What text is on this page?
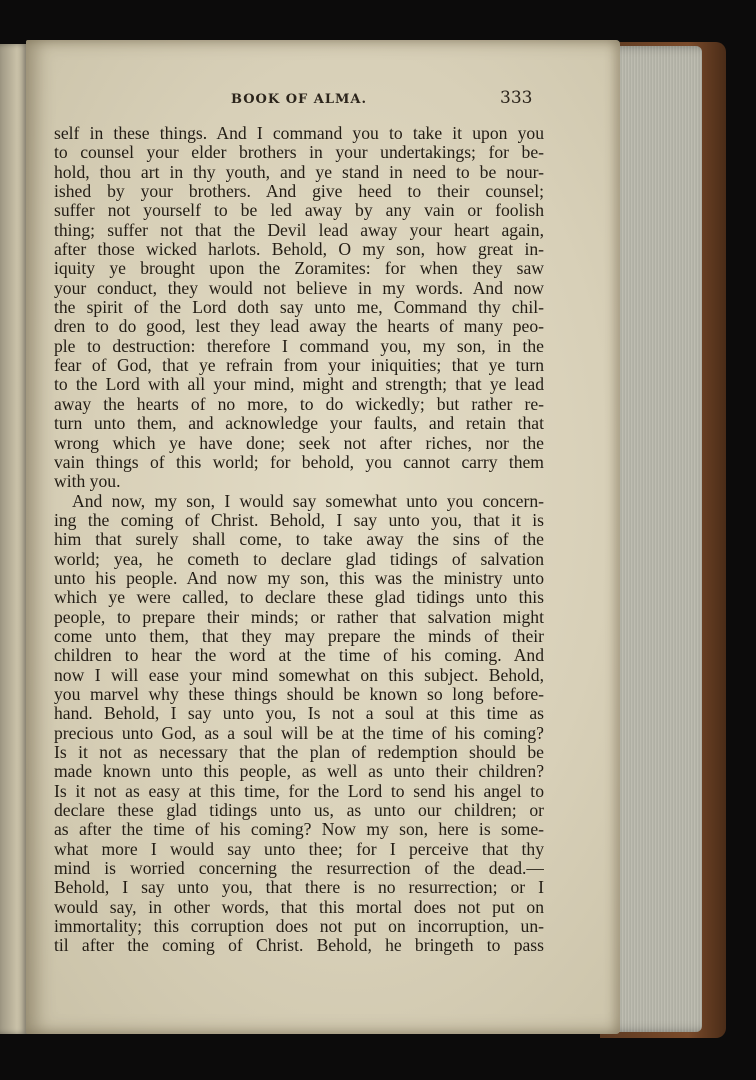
BOOK OF ALMA.	333
self in these things. And I command you to take it upon you
to counsel your elder brothers in your undertakings; for be-
hold, thou art in thy youth, and ye stand in need to be nour-
ished by your brothers. And give heed to their counsel;
suffer not yourself to be led away by any vain or foolish
thing; suffer not that the Devil lead away your heart again,
after those wicked harlots. Behold, O my son, how great in-
iquity ye brought upon the Zoramites: for when they saw
your conduct, they would not believe in my words. And now
the spirit of the Lord doth say unto me, Command thy chil-
dren to do good, lest they lead away the hearts of many peo-
ple to destruction: therefore I command you, my son, in the
fear of God, that ye refrain from your iniquities; that ye turn
to the Lord with all your mind, might and strength; that ye lead
away the hearts of no more, to do wickedly; but rather re-
turn unto them, and acknowledge your faults, and retain that
wrong which ye have done; seek not after riches, nor the
vain things of this world; for behold, you cannot carry them
with you.
And now, my son, I would say somewhat unto you concern-
ing the coming of Christ. Behold, I say unto you, that it is
him that surely shall come, to take away the sins of the
world; yea, he cometh to declare glad tidings of salvation
unto his people. And now my son, this was the ministry unto
which ye were called, to declare these glad tidings unto this
people, to prepare their minds; or rather that salvation might
come unto them, that they may prepare the minds of their
children to hear the word at the time of his coming. And
now I will ease your mind somewhat on this subject. Behold,
you marvel why these things should be known so long before-
hand. Behold, I say unto you, Is not a soul at this time as
precious unto God, as a soul will be at the time of his coming?
Is it not as necessary that the plan of redemption should be
made known unto this people, as well as unto their children?
Is it not as easy at this time, for the Lord to send his angel to
declare these glad tidings unto us, as unto our children; or
as after the time of his coming? Now my son, here is some-
what more I would say unto thee; for I perceive that thy
mind is worried concerning the resurrection of the dead.—
Behold, I say unto you, that there is no resurrection; or I
would say, in other words, that this mortal does not put on
immortality; this corruption does not put on incorruption, un-
til after the coming of Christ. Behold, he bringeth to pass
